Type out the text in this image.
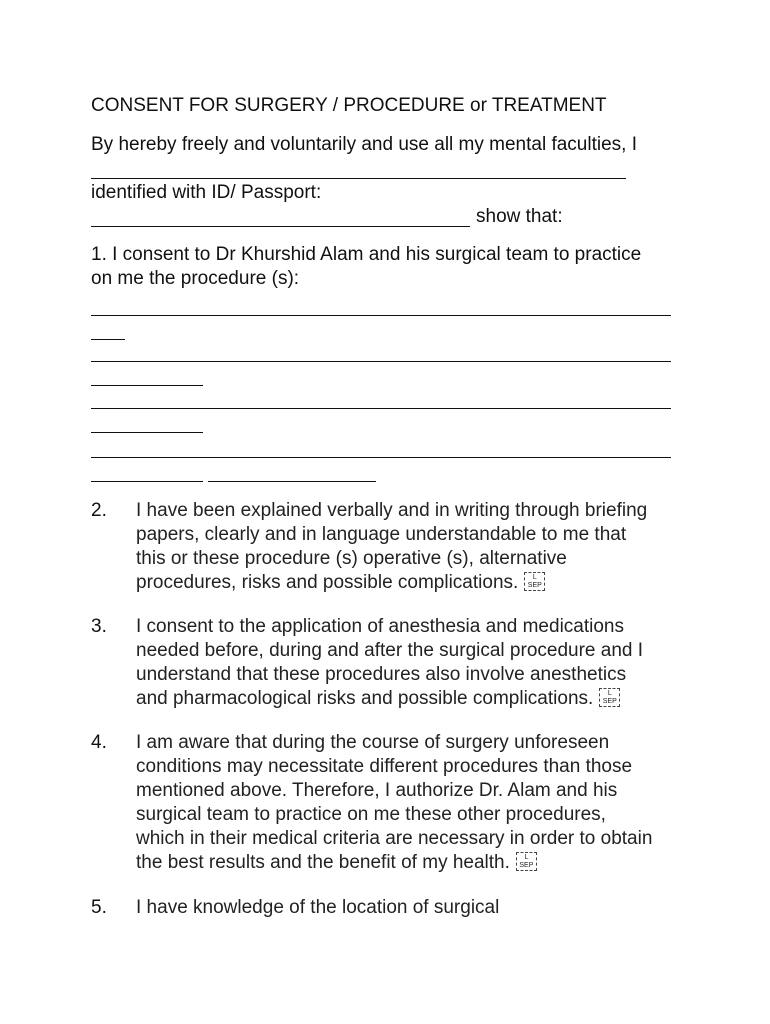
CONSENT FOR SURGERY / PROCEDURE or TREATMENT
By hereby freely and voluntarily and use all my mental faculties, I
identified with ID/ Passport:
show that:
1. I consent to Dr Khurshid Alam and his surgical team to practice
on me the procedure (s):
2.	I have been explained verbally and in writing through briefing
papers, clearly and in language understandable to me that
this or these procedure (s) operative (s), alternative
procedures, risks and possible complications.	L
SEP
3.	I consent to the application of anesthesia and medications
needed before, during and after the surgical procedure and I
understand that these procedures also involve anesthetics
and pharmacological risks and possible complications.	L
SEP
4.	I am aware that during the course of surgery unforeseen
conditions may necessitate different procedures than those
mentioned above. Therefore, I authorize Dr. Alam and his
surgical team to practice on me these other procedures,
which in their medical criteria are necessary in order to obtain
the best results and the benefit of my health.	L
SEP
5.	I have knowledge of the location of surgical
